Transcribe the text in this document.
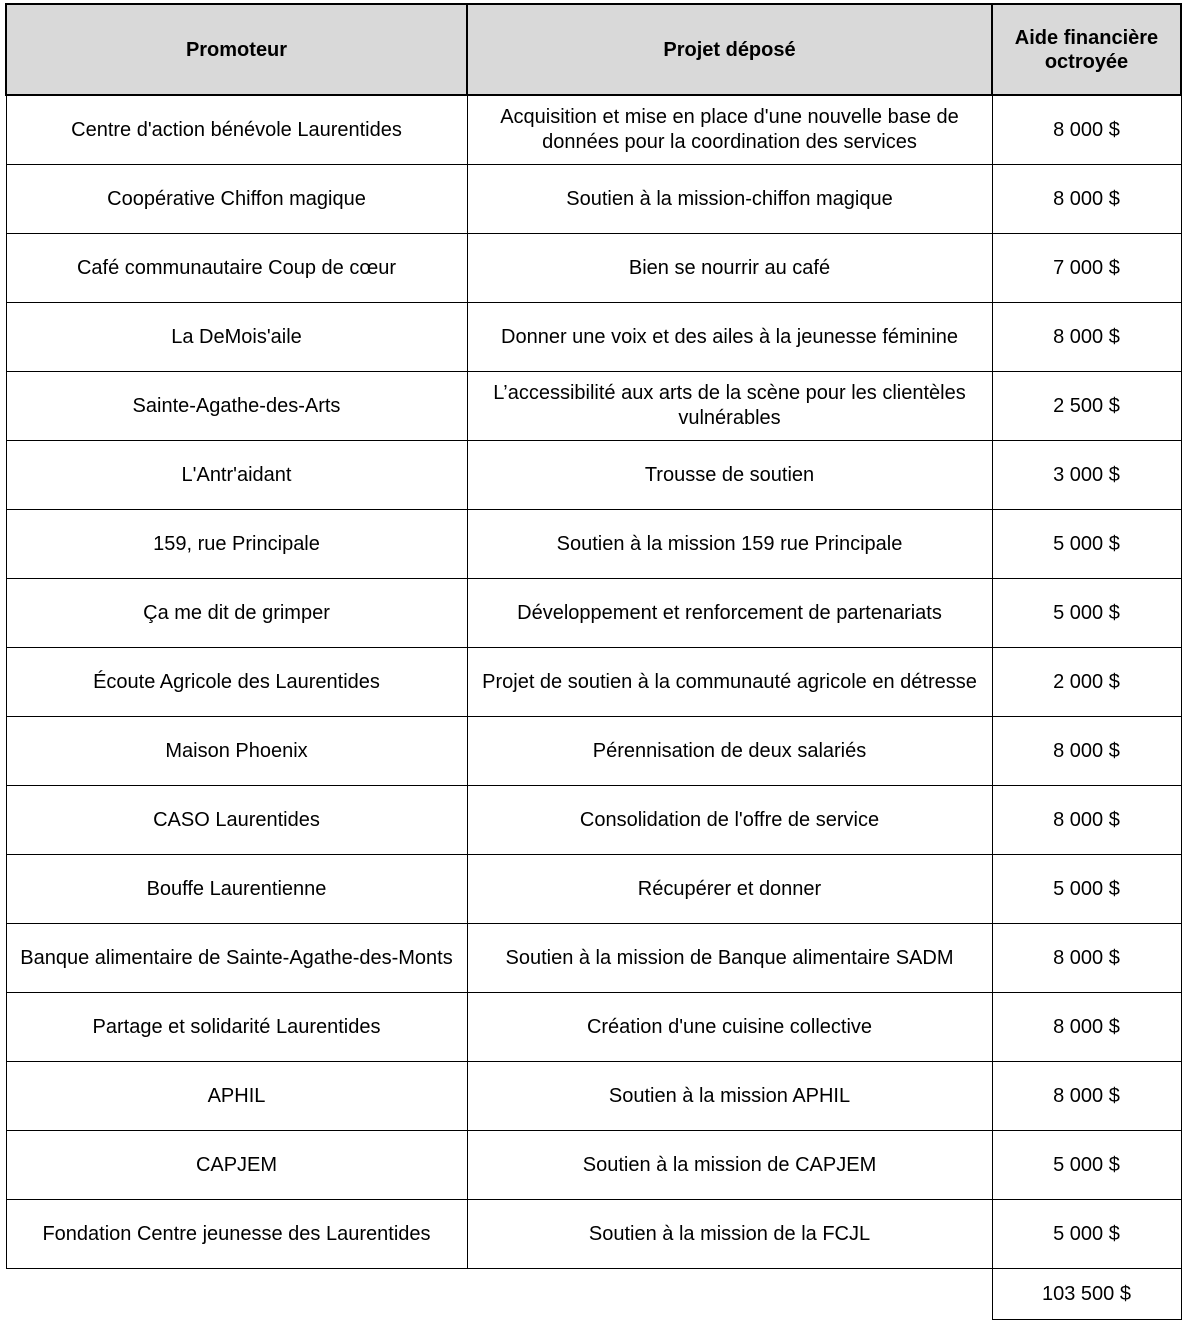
Promoteur	Projet déposé	Aide financière octroyée
Centre d'action bénévole Laurentides	Acquisition et mise en place d'une nouvelle base de données pour la coordination des services	8 000 $
Coopérative Chiffon magique	Soutien à la mission-chiffon magique	8 000 $
Café communautaire Coup de cœur	Bien se nourrir au café	7 000 $
La DeMois'aile	Donner une voix et des ailes à la jeunesse féminine	8 000 $
Sainte-Agathe-des-Arts	L’accessibilité aux arts de la scène pour les clientèles vulnérables	2 500 $
L'Antr'aidant	Trousse de soutien	3 000 $
159, rue Principale	Soutien à la mission 159 rue Principale	5 000 $
Ça me dit de grimper	Développement et renforcement de partenariats	5 000 $
Écoute Agricole des Laurentides	Projet de soutien à la communauté agricole en détresse	2 000 $
Maison Phoenix	Pérennisation de deux salariés	8 000 $
CASO Laurentides	Consolidation de l'offre de service	8 000 $
Bouffe Laurentienne	Récupérer et donner	5 000 $
Banque alimentaire de Sainte-Agathe-des-Monts	Soutien à la mission de Banque alimentaire SADM	8 000 $
Partage et solidarité Laurentides	Création d'une cuisine collective	8 000 $
APHIL	Soutien à la mission APHIL	8 000 $
CAPJEM	Soutien à la mission de CAPJEM	5 000 $
Fondation Centre jeunesse des Laurentides	Soutien à la mission de la FCJL	5 000 $
		103 500 $
